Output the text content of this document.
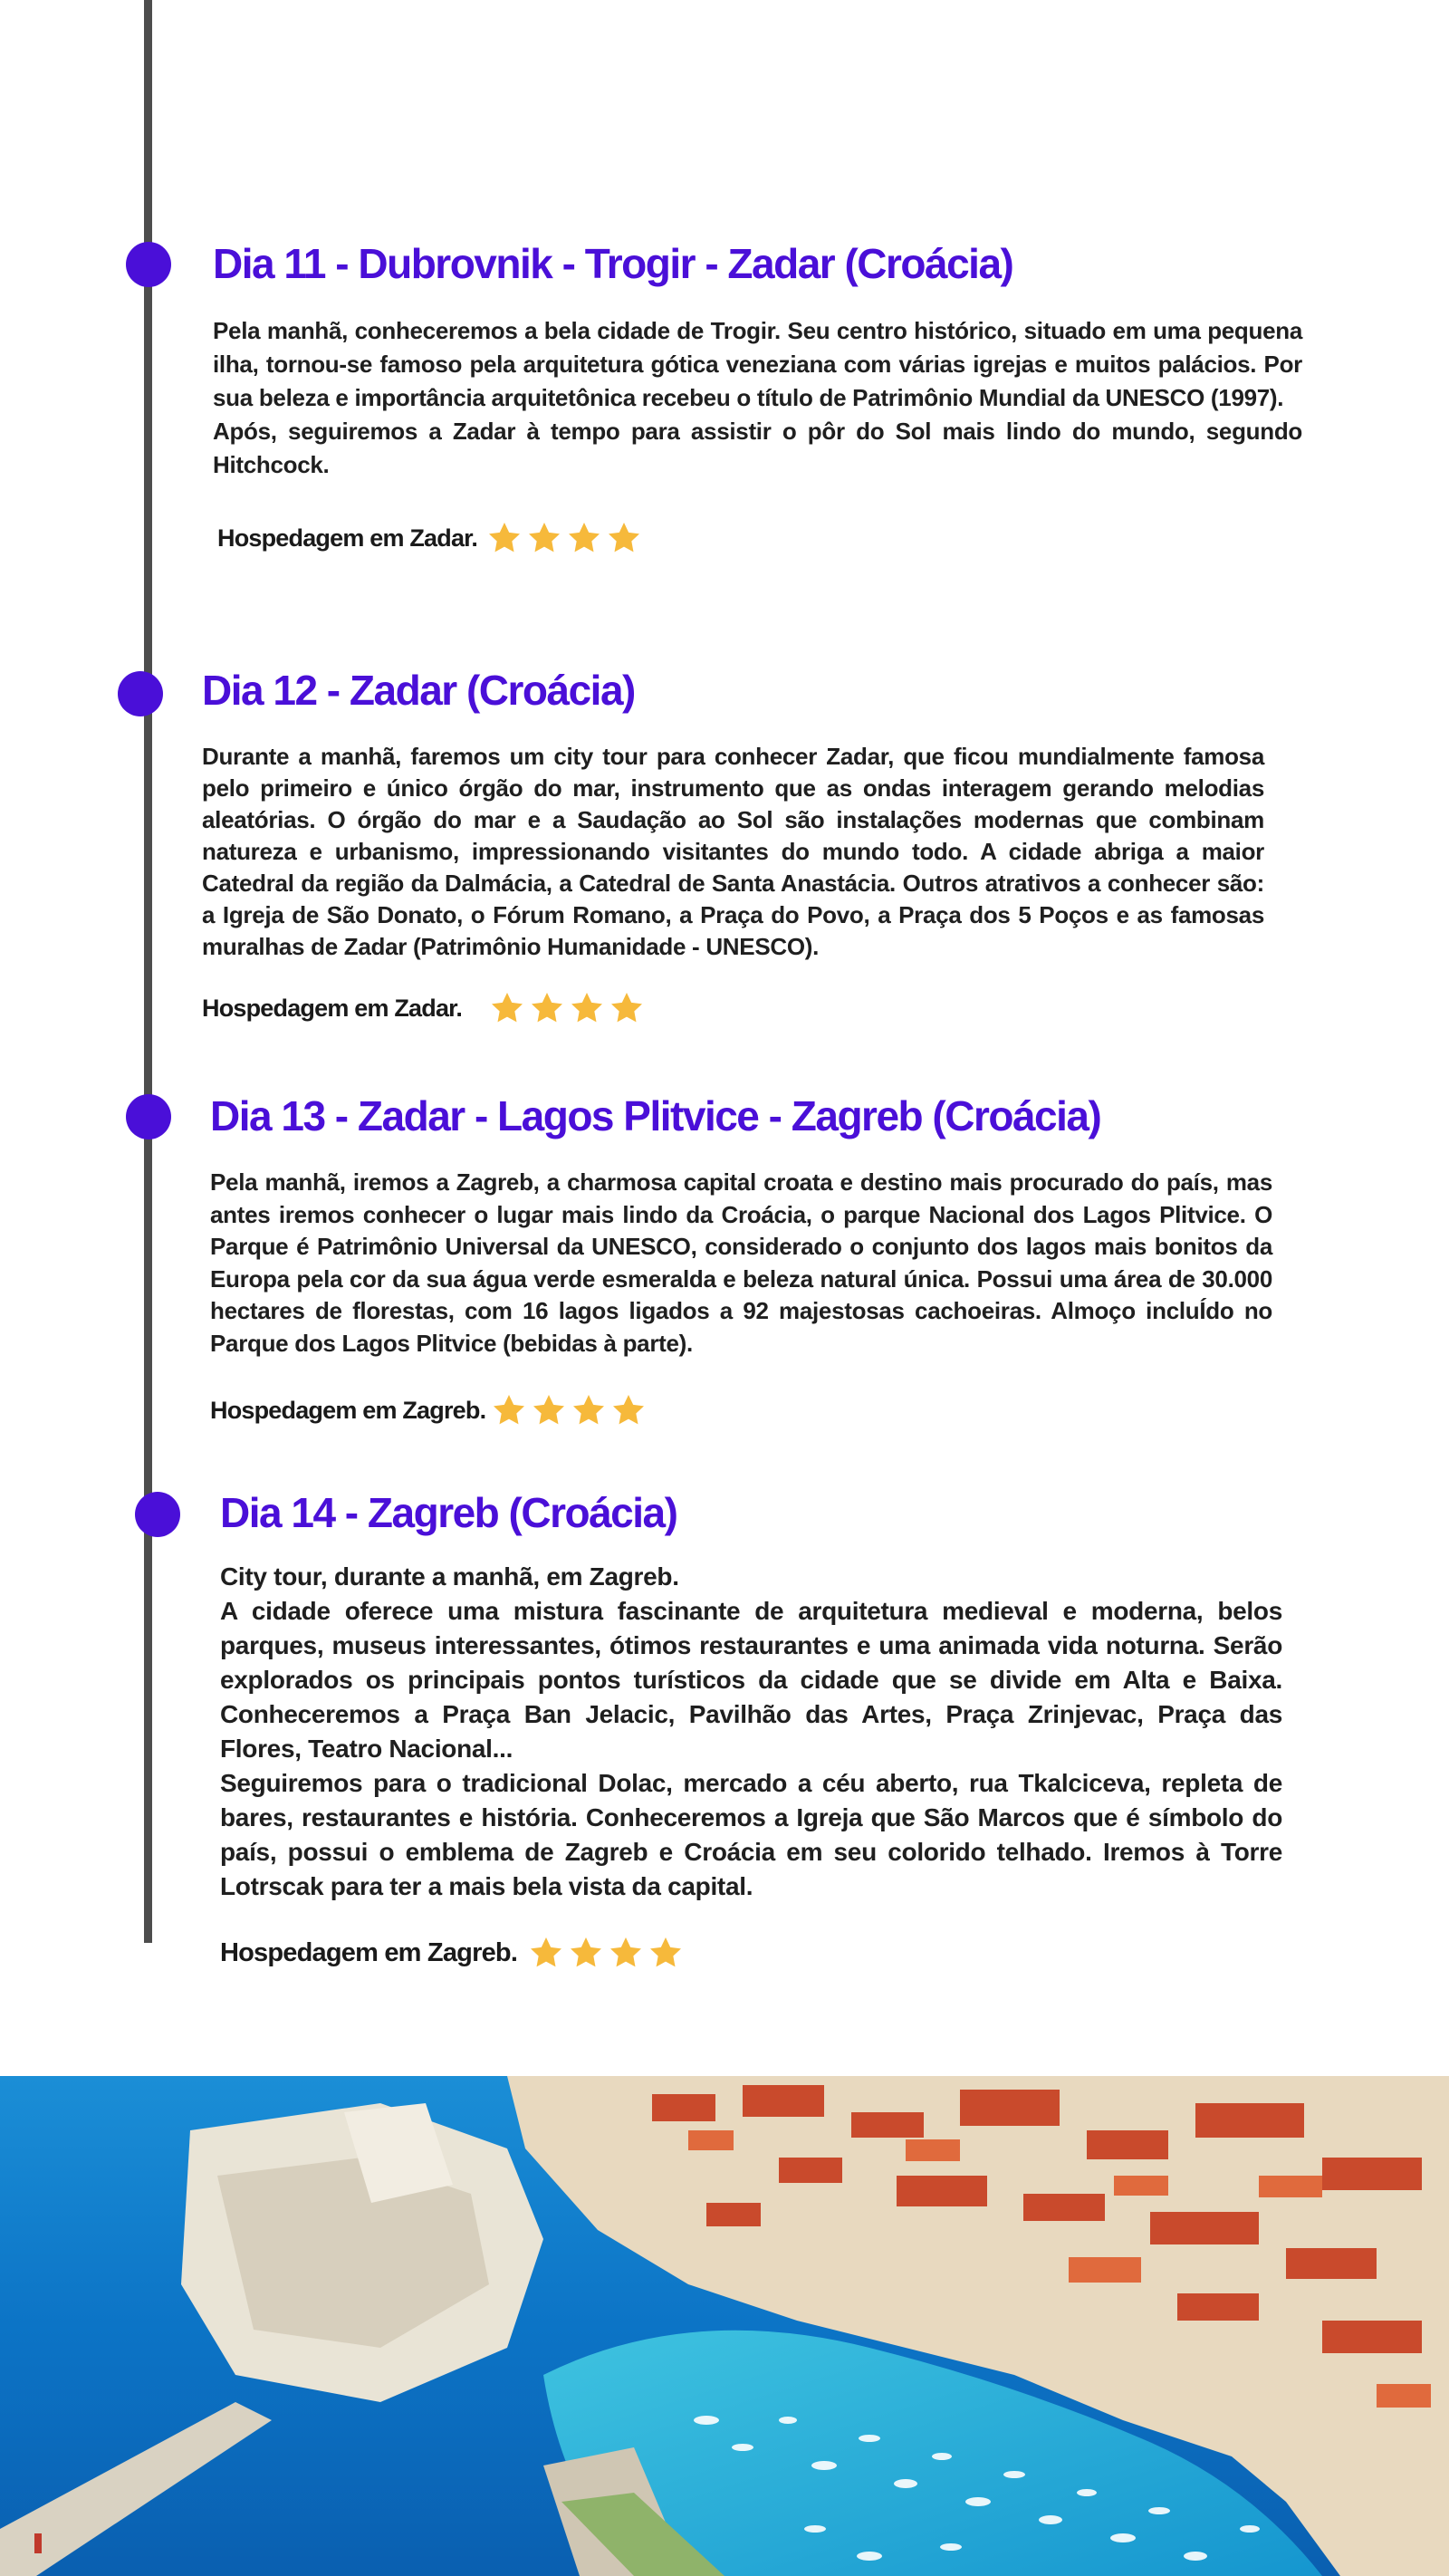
Dia 11 - Dubrovnik - Trogir - Zadar (Croácia)

Pela manhã, conheceremos a bela cidade de Trogir. Seu centro histórico, situado em uma pequena ilha, tornou-se famoso pela arquitetura gótica veneziana com várias igrejas e muitos palácios. Por sua beleza e importância arquitetônica recebeu o título de Patrimônio Mundial da UNESCO (1997).

Após, seguiremos a Zadar à tempo para assistir o pôr do Sol mais lindo do mundo, segundo Hitchcock.

Hospedagem em Zadar.
Dia 12 - Zadar (Croácia)

Durante a manhã, faremos um city tour para conhecer Zadar, que ficou mundialmente famosa pelo primeiro e único órgão do mar, instrumento que as ondas interagem gerando melodias aleatórias. O órgão do mar e a Saudação ao Sol são instalações modernas que combinam natureza e urbanismo, impressionando visitantes do mundo todo. A cidade abriga a maior Catedral da região da Dalmácia, a Catedral de Santa Anastácia. Outros atrativos a conhecer são: a Igreja de São Donato, o Fórum Romano, a Praça do Povo, a Praça dos 5 Poços e as famosas muralhas de Zadar (Patrimônio Humanidade - UNESCO).

Hospedagem em Zadar.
Dia 13 - Zadar - Lagos Plitvice - Zagreb (Croácia)

Pela manhã, iremos a Zagreb, a charmosa capital croata e destino mais procurado do país, mas antes iremos conhecer o lugar mais lindo da Croácia, o parque Nacional dos Lagos Plitvice. O Parque é Patrimônio Universal da UNESCO, considerado o conjunto dos lagos mais bonitos da Europa pela cor da sua água verde esmeralda e beleza natural única. Possui uma área de 30.000 hectares de florestas, com 16 lagos ligados a 92 majestosas cachoeiras. Almoço incluÍdo no Parque dos Lagos Plitvice (bebidas à parte).

Hospedagem em Zagreb.
Dia 14 - Zagreb (Croácia)

City tour, durante a manhã, em Zagreb.

A cidade oferece uma mistura fascinante de arquitetura medieval e moderna, belos parques, museus interessantes, ótimos restaurantes e uma animada vida noturna. Serão explorados os principais pontos turísticos da cidade que se divide em Alta e Baixa. Conheceremos a Praça Ban Jelacic, Pavilhão das Artes, Praça Zrinjevac, Praça das Flores, Teatro Nacional...

Seguiremos para o tradicional Dolac, mercado a céu aberto, rua Tkalciceva, repleta de bares, restaurantes e história. Conheceremos a Igreja que São Marcos que é símbolo do país, possui o emblema de Zagreb e Croácia em seu colorido telhado. Iremos à Torre Lotrscak para ter a mais bela vista da capital.

Hospedagem em Zagreb.
